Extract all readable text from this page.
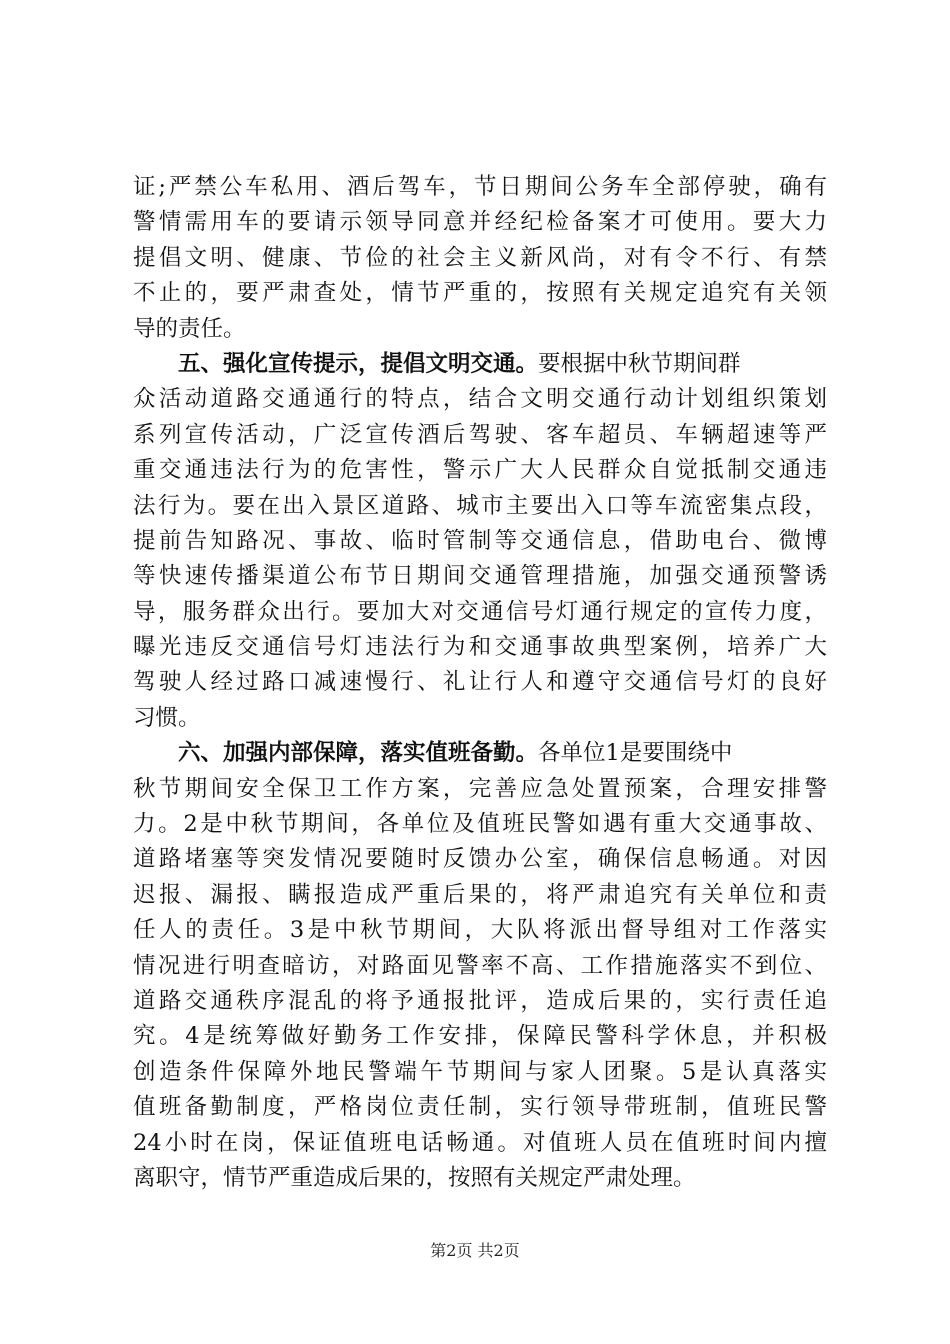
证;严禁公车私用、酒后驾车，节日期间公务车全部停驶，确有
警情需用车的要请示领导同意并经纪检备案才可使用。要大力
提倡文明、健康、节俭的社会主义新风尚，对有令不行、有禁
不止的，要严肃查处，情节严重的，按照有关规定追究有关领
导的责任。
五、强化宣传提示，提倡文明交通。要根据中秋节期间群
众活动道路交通通行的特点，结合文明交通行动计划组织策划
系列宣传活动，广泛宣传酒后驾驶、客车超员、车辆超速等严
重交通违法行为的危害性，警示广大人民群众自觉抵制交通违
法行为。要在出入景区道路、城市主要出入口等车流密集点段，
提前告知路况、事故、临时管制等交通信息，借助电台、微博
等快速传播渠道公布节日期间交通管理措施，加强交通预警诱
导，服务群众出行。要加大对交通信号灯通行规定的宣传力度，
曝光违反交通信号灯违法行为和交通事故典型案例，培养广大
驾驶人经过路口减速慢行、礼让行人和遵守交通信号灯的良好
习惯。
六、加强内部保障，落实值班备勤。各单位1是要围绕中
秋节期间安全保卫工作方案，完善应急处置预案，合理安排警
力。2是中秋节期间，各单位及值班民警如遇有重大交通事故、
道路堵塞等突发情况要随时反馈办公室，确保信息畅通。对因
迟报、漏报、瞒报造成严重后果的，将严肃追究有关单位和责
任人的责任。3是中秋节期间，大队将派出督导组对工作落实
情况进行明查暗访，对路面见警率不高、工作措施落实不到位、
道路交通秩序混乱的将予通报批评，造成后果的，实行责任追
究。4是统筹做好勤务工作安排，保障民警科学休息，并积极
创造条件保障外地民警端午节期间与家人团聚。5是认真落实
值班备勤制度，严格岗位责任制，实行领导带班制，值班民警
24小时在岗，保证值班电话畅通。对值班人员在值班时间内擅
离职守，情节严重造成后果的，按照有关规定严肃处理。
第2页 共2页
